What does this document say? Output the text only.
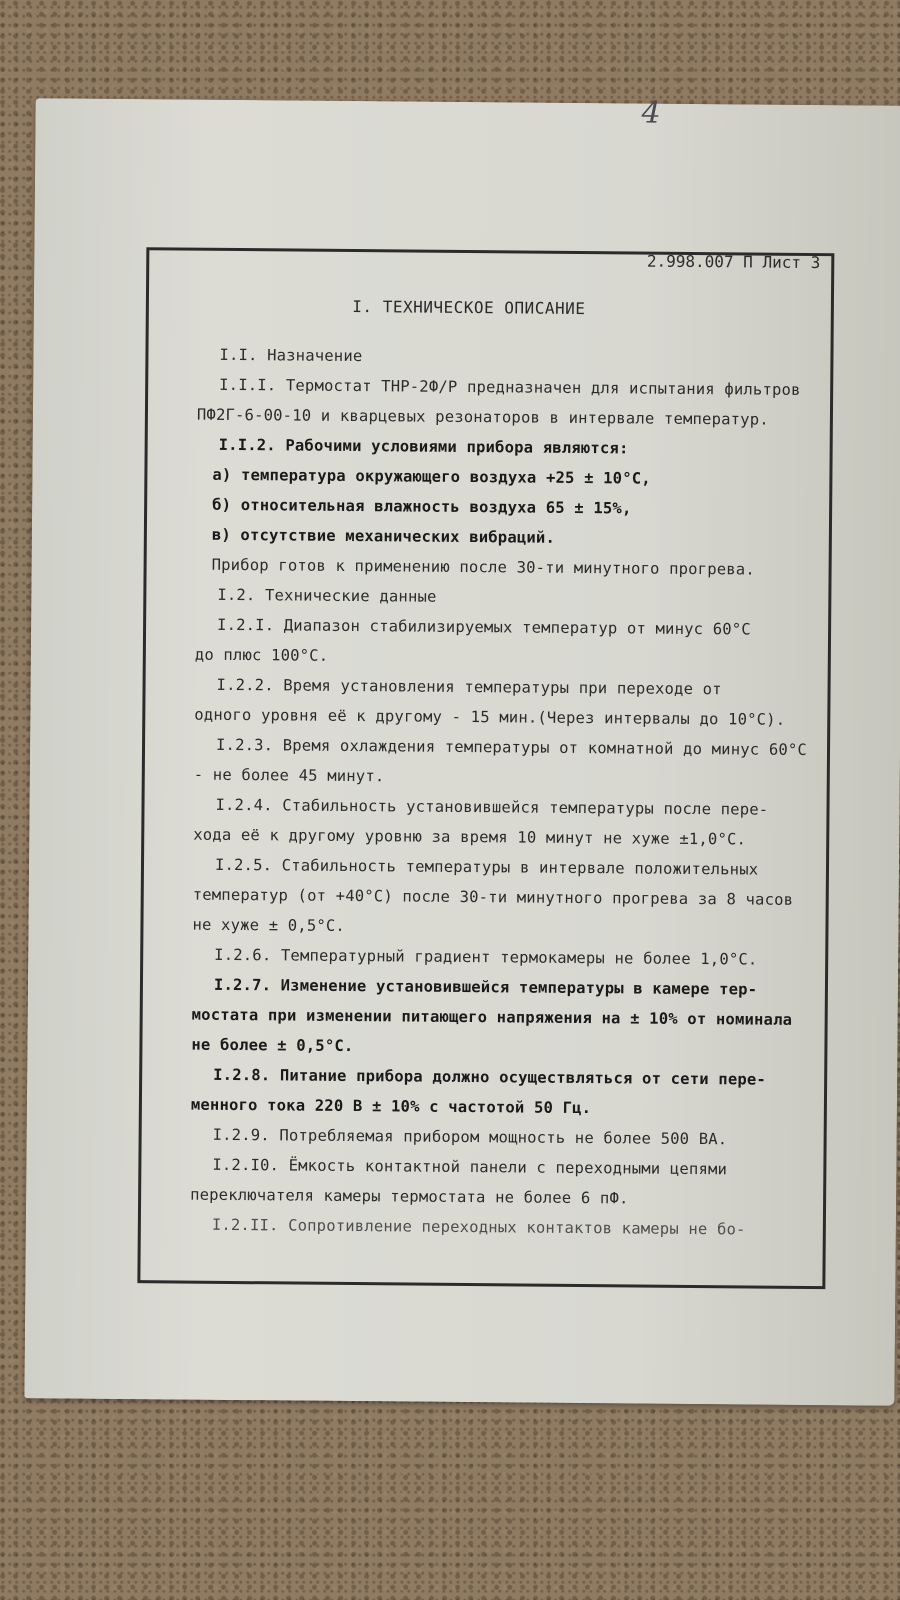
4
2.998.007 П Лист 3
I. ТЕХНИЧЕСКОЕ ОПИСАНИЕ
I.I. Назначение
I.I.I. Термостат ТНР-2Ф/Р предназначен для испытания фильтров
ПФ2Г-6-00-10 и кварцевых резонаторов в интервале температур.
I.I.2. Рабочими условиями прибора являются:
а) температура окружающего воздуха +25 ± 10°С,
б) относительная влажность воздуха 65 ± 15%,
в) отсутствие механических вибраций.
Прибор готов к применению после 30-ти минутного прогрева.
I.2. Технические данные
I.2.I. Диапазон стабилизируемых температур от минус 60°С
до плюс 100°С.
I.2.2. Время установления температуры при переходе от
одного уровня её к другому - 15 мин.(Через интервалы до 10°С).
I.2.3. Время охлаждения температуры от комнатной до минус 60°С
- не более 45 минут.
I.2.4. Стабильность установившейся температуры после пере-
хода её к другому уровню за время 10 минут не хуже ±1,0°С.
I.2.5. Стабильность температуры в интервале положительных
температур (от +40°С) после 30-ти минутного прогрева за 8 часов
не хуже ± 0,5°С.
I.2.6. Температурный градиент термокамеры не более 1,0°С.
I.2.7. Изменение установившейся температуры в камере тер-
мостата при изменении питающего напряжения на ± 10% от номинала
не более ± 0,5°С.
I.2.8. Питание прибора должно осуществляться от сети пере-
менного тока 220 В ± 10% с частотой 50 Гц.
I.2.9. Потребляемая прибором мощность не более 500 ВА.
I.2.I0. Ёмкость контактной панели с переходными цепями
переключателя камеры термостата не более 6 пФ.
I.2.II. Сопротивление переходных контактов камеры не бо-
